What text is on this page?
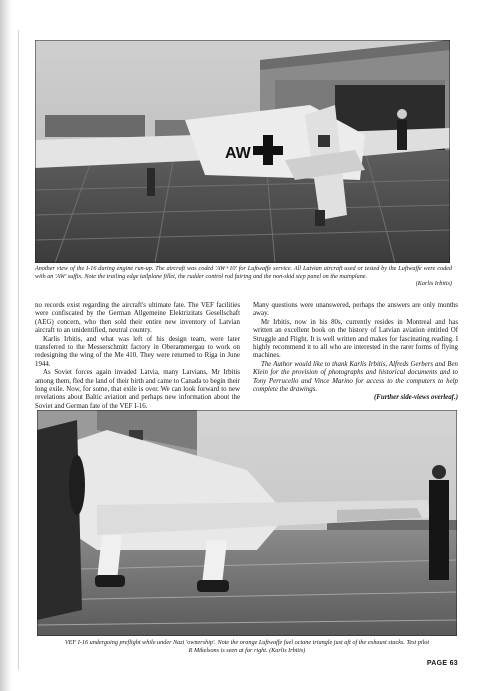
AW
Another view of the I-16 during engine run-up. The aircraft was coded 'AW+10' for Luftwaffe service. All Latvian aircraft used or tested by the Luftwaffe were coded with an 'AW' suffix. Note the trailing edge tailplane fillet, the rudder control rod fairing and the non-skid step panel on the mainplane.
(Karlis Irbitis)

no records exist regarding the aircraft's ultimate fate. The VEF facilities were confiscated by the German Allgemeine Elektrizitats Gesellschaft (AEG) concern, who then sold their entire new inventory of Latvian aircraft to an unidentified, neutral country.

Karlis Irbitis, and what was left of his design team, were later transferred to the Messerschmitt factory in Oberammergau to work on redesigning the wing of the Me 410. They were returned to Riga in June 1944.

As Soviet forces again invaded Latvia, many Latvians, Mr Irbitis among them, fled the land of their birth and came to Canada to begin their long exile. Now, for some, that exile is over. We can look forward to new revelations about Baltic aviation and perhaps new information about the Soviet and German fate of the VEF I-16.

Many questions were unanswered, perhaps the answers are only months away.

Mr Irbitis, now in his 80s, currently resides in Montreal and has written an excellent book on the history of Latvian aviation entitled Of Struggle and Flight. It is well written and makes for fascinating reading. I highly recommend it to all who are interested in the rarer forms of flying machines.

The Author would like to thank Karlis Irbitis, Alfreds Gerbers and Ben Klein for the provision of photographs and historical documents and to Tony Perrucello and Vince Marino for access to the computers to help complete the drawings.

(Further side-views overleaf.)

VEF I-16 undergoing preflight while under Nazi 'ownership'. Note the orange Luftwaffe fuel octane triangle just aft of the exhaust stacks. Test pilot
R Mikelsons is seen at far right. (Karlis Irbitis)
PAGE 63
